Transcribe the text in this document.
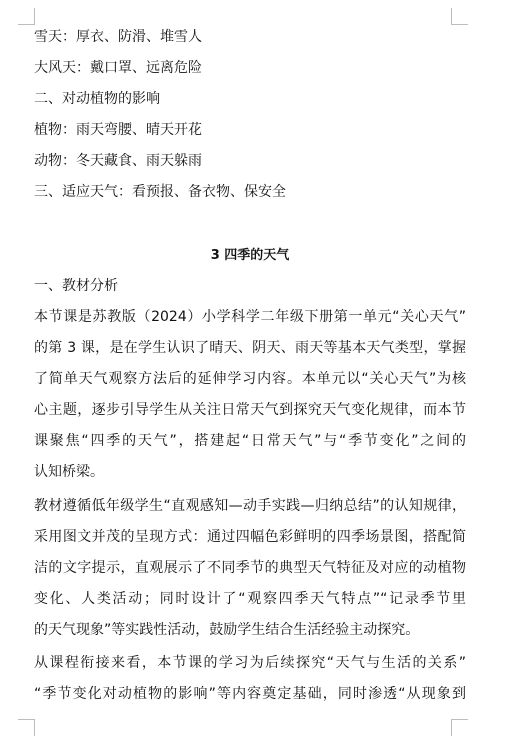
雪天：厚衣、防滑、堆雪人
大风天：戴口罩、远离危险
二、对动植物的影响
植物：雨天弯腰、晴天开花
动物：冬天藏食、雨天躲雨
三、适应天气：看预报、备衣物、保安全
3 四季的天气
一、教材分析
本节课是苏教版（2024）小学科学二年级下册第一单元“关心天气”
的第 3 课，是在学生认识了晴天、阴天、雨天等基本天气类型，掌握
了简单天气观察方法后的延伸学习内容。本单元以“关心天气”为核
心主题，逐步引导学生从关注日常天气到探究天气变化规律，而本节
课聚焦“四季的天气”，搭建起“日常天气”与“季节变化”之间的
认知桥梁。
教材遵循低年级学生“直观感知—动手实践—归纳总结”的认知规律，
采用图文并茂的呈现方式：通过四幅色彩鲜明的四季场景图，搭配简
洁的文字提示，直观展示了不同季节的典型天气特征及对应的动植物
变化、人类活动；同时设计了“观察四季天气特点”“记录季节里
的天气现象”等实践性活动，鼓励学生结合生活经验主动探究。
从课程衔接来看，本节课的学习为后续探究“天气与生活的关系”
“季节变化对动植物的影响”等内容奠定基础，同时渗透“从现象到
